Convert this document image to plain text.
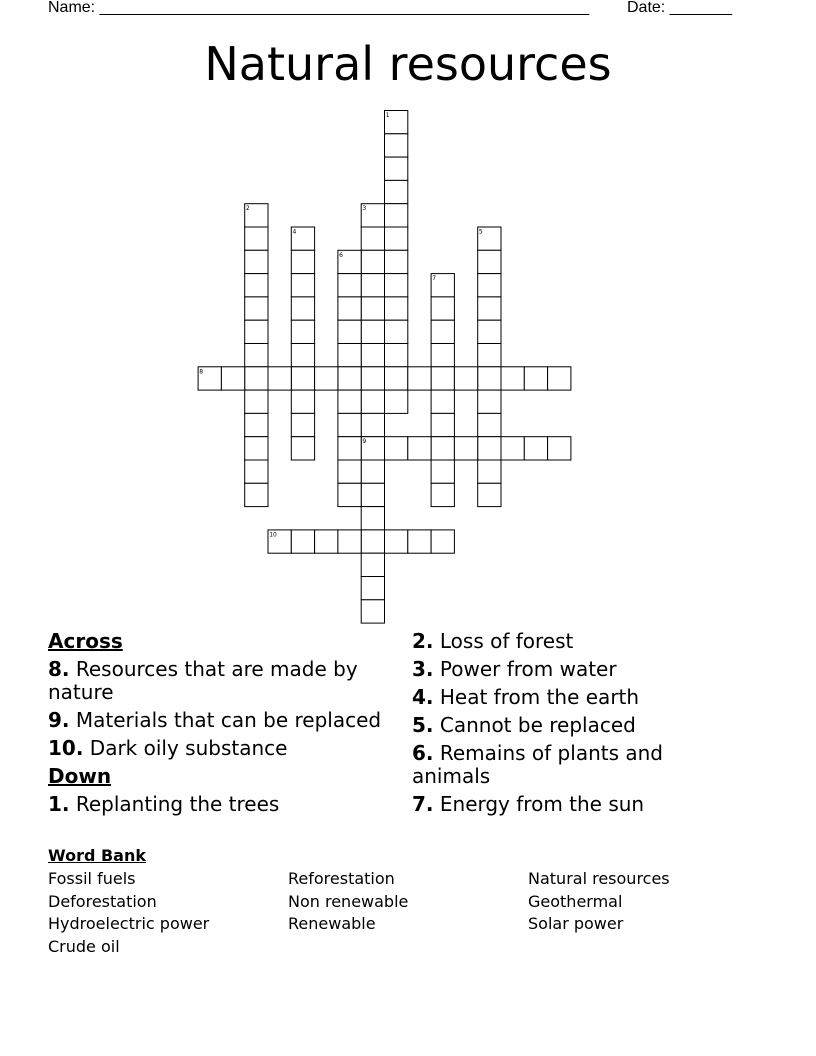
Name: _______________________________________________________ Date: _______
Natural resources
1
2	3
4	5
6
7
8
9
10
Across
8. Resources that are made by nature
9. Materials that can be replaced
10. Dark oily substance
Down
1. Replanting the trees
2. Loss of forest
3. Power from water
4. Heat from the earth
5. Cannot be replaced
6. Remains of plants and animals
7. Energy from the sun
Word Bank
Fossil fuels	Reforestation	Natural resources
Deforestation	Non renewable	Geothermal
Hydroelectric power	Renewable	Solar power
Crude oil
